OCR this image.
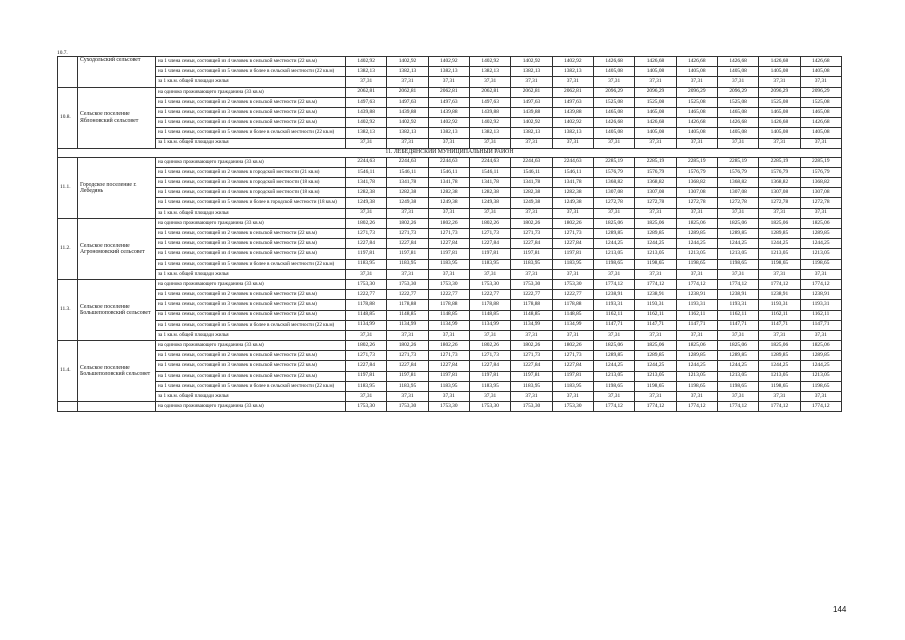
	Суходольский сельсовет	на 1 члена семьи, состоящей из 4 человек в сельской местности (22 кв.м)	1402,92	1402,92	1402,92	1402,92	1402,92	1402,92	1426,68	1426,68	1426,68	1426,68	1426,68	1426,68
		на 1 члена семьи, состоящей из 5 человек и более в сельской местности (22 кв.м)	1382,13	1382,13	1382,13	1382,13	1382,13	1382,13	1405,08	1405,08	1405,08	1405,08	1405,08	1405,08
		за 1 кв.м. общей площади жилья	37,31	37,31	37,31	37,31	37,31	37,31	37,31	37,31	37,31	37,31	37,31	37,31
10.8.	Сельское поселение Яблоновский сельсовет	на одиноко проживающего гражданина (33 кв.м)	2062,81	2062,81	2062,81	2062,81	2062,81	2062,81	2096,29	2096,29	2096,29	2096,29	2096,29	2096,29
		на 1 члена семьи, состоящей из 2 человек в сельской местности (22 кв.м)	1497,63	1497,63	1497,63	1497,63	1497,63	1497,63	1525,08	1525,08	1525,08	1525,08	1525,08	1525,08
		на 1 члена семьи, состоящей из 3 человек в сельской местности (22 кв.м)	1439,88	1439,88	1439,88	1439,88	1439,88	1439,88	1465,08	1465,08	1465,08	1465,08	1465,08	1465,08
		на 1 члена семьи, состоящей из 4 человек в сельской местности (22 кв.м)	1402,92	1402,92	1402,92	1402,92	1402,92	1402,92	1426,68	1426,68	1426,68	1426,68	1426,68	1426,68
		на 1 члена семьи, состоящей из 5 человек и более в сельской местности (22 кв.м)	1382,13	1382,13	1382,13	1382,13	1382,13	1382,13	1405,08	1405,08	1405,08	1405,08	1405,08	1405,08
		за 1 кв.м. общей площади жилья	37,31	37,31	37,31	37,31	37,31	37,31	37,31	37,31	37,31	37,31	37,31	37,31
11. ЛЕБЕДЯНСКИЙ МУНИЦИПАЛЬНЫЙ РАЙОН														
11.1.	Городское поселение г. Лебедянь	на одиноко проживающего гражданина (33 кв.м)	2244,63	2244,63	2244,63	2244,63	2244,63	2244,63	2285,19	2285,19	2285,19	2285,19	2285,19	2285,19
		на 1 члена семьи, состоящей из 2 человек в городской местности (21 кв.м)	1546,11	1546,11	1546,11	1546,11	1546,11	1546,11	1576,79	1576,79	1576,79	1576,79	1576,79	1576,79
		на 1 члена семьи, состоящей из 3 человек в городской местности (18 кв.м)	1341,78	1341,78	1341,78	1341,78	1341,78	1341,78	1368,82	1368,82	1368,82	1368,82	1368,82	1368,82
		на 1 члена семьи, состоящей из 4 человек в городской местности (18 кв.м)	1282,38	1282,38	1282,38	1282,38	1282,38	1282,38	1307,08	1307,08	1307,08	1307,08	1307,08	1307,08
		на 1 члена семьи, состоящей из 5 человек и более в городской местности (18 кв.м)	1249,38	1249,38	1249,38	1249,38	1249,38	1249,38	1272,78	1272,78	1272,78	1272,78	1272,78	1272,78
		за 1 кв.м. общей площади жилья	37,31	37,31	37,31	37,31	37,31	37,31	37,31	37,31	37,31	37,31	37,31	37,31
11.2.	Сельское поселение Агрономовский сельсовет	на одиноко проживающего гражданина (33 кв.м)	1802,26	1802,26	1802,26	1802,26	1802,26	1802,26	1825,06	1825,06	1825,06	1825,06	1825,06	1825,06
		на 1 члена семьи, состоящей из 2 человек в сельской местности (22 кв.м)	1271,73	1271,73	1271,73	1271,73	1271,73	1271,73	1289,85	1289,85	1289,85	1289,85	1289,85	1289,85
		на 1 члена семьи, состоящей из 3 человек в сельской местности (22 кв.м)	1227,84	1227,84	1227,84	1227,84	1227,84	1227,84	1244,25	1244,25	1244,25	1244,25	1244,25	1244,25
		на 1 члена семьи, состоящей из 4 человек в сельской местности (22 кв.м)	1197,81	1197,81	1197,81	1197,81	1197,81	1197,81	1213,05	1213,05	1213,05	1213,05	1213,05	1213,05
		на 1 члена семьи, состоящей из 5 человек и более в сельской местности (22 кв.м)	1183,95	1183,95	1183,95	1183,95	1183,95	1183,95	1198,65	1198,65	1198,65	1198,65	1198,65	1198,65
		за 1 кв.м. общей площади жилья	37,31	37,31	37,31	37,31	37,31	37,31	37,31	37,31	37,31	37,31	37,31	37,31
11.3.	Сельское поселение Большепоповский сельсовет	на одиноко проживающего гражданина (33 кв.м)	1753,30	1753,30	1753,30	1753,30	1753,30	1753,30	1774,12	1774,12	1774,12	1774,12	1774,12	1774,12
		на 1 члена семьи, состоящей из 2 человек в сельской местности (22 кв.м)	1222,77	1222,77	1222,77	1222,77	1222,77	1222,77	1238,91	1238,91	1238,91	1238,91	1238,91	1238,91
		на 1 члена семьи, состоящей из 3 человек в сельской местности (22 кв.м)	1178,88	1178,88	1178,88	1178,88	1178,88	1178,88	1193,31	1193,31	1193,31	1193,31	1193,31	1193,31
		на 1 члена семьи, состоящей из 4 человек в сельской местности (22 кв.м)	1148,85	1148,85	1148,85	1148,85	1148,85	1148,85	1162,11	1162,11	1162,11	1162,11	1162,11	1162,11
		на 1 члена семьи, состоящей из 5 человек и более в сельской местности (22 кв.м)	1134,99	1134,99	1134,99	1134,99	1134,99	1134,99	1147,71	1147,71	1147,71	1147,71	1147,71	1147,71
		за 1 кв.м. общей площади жилья	37,31	37,31	37,31	37,31	37,31	37,31	37,31	37,31	37,31	37,31	37,31	37,31
11.4.	Сельское поселение Большеполовский сельсовет	на одиноко проживающего гражданина (33 кв.м)	1802,26	1802,26	1802,26	1802,26	1802,26	1802,26	1825,06	1825,06	1825,06	1825,06	1825,06	1825,06
		на 1 члена семьи, состоящей из 2 человек в сельской местности (22 кв.м)	1271,73	1271,73	1271,73	1271,73	1271,73	1271,73	1289,85	1289,85	1289,85	1289,85	1289,85	1289,85
		на 1 члена семьи, состоящей из 3 человек в сельской местности (22 кв.м)	1227,84	1227,84	1227,84	1227,84	1227,84	1227,84	1244,25	1244,25	1244,25	1244,25	1244,25	1244,25
		на 1 члена семьи, состоящей из 4 человек в сельской местности (22 кв.м)	1197,81	1197,81	1197,81	1197,81	1197,81	1197,81	1213,05	1213,05	1213,05	1213,05	1213,05	1213,05
		на 1 члена семьи, состоящей из 5 человек и более в сельской местности (22 кв.м)	1183,95	1183,95	1183,95	1183,95	1183,95	1183,95	1198,65	1198,65	1198,65	1198,65	1198,65	1198,65
		за 1 кв.м. общей площади жилья	37,31	37,31	37,31	37,31	37,31	37,31	37,31	37,31	37,31	37,31	37,31	37,31
		на одиноко проживающего гражданина (33 кв.м)	1753,30	1753,30	1753,30	1753,30	1753,30	1753,30	1774,12	1774,12	1774,12	1774,12	1774,12	1774,12
10.7.
144
